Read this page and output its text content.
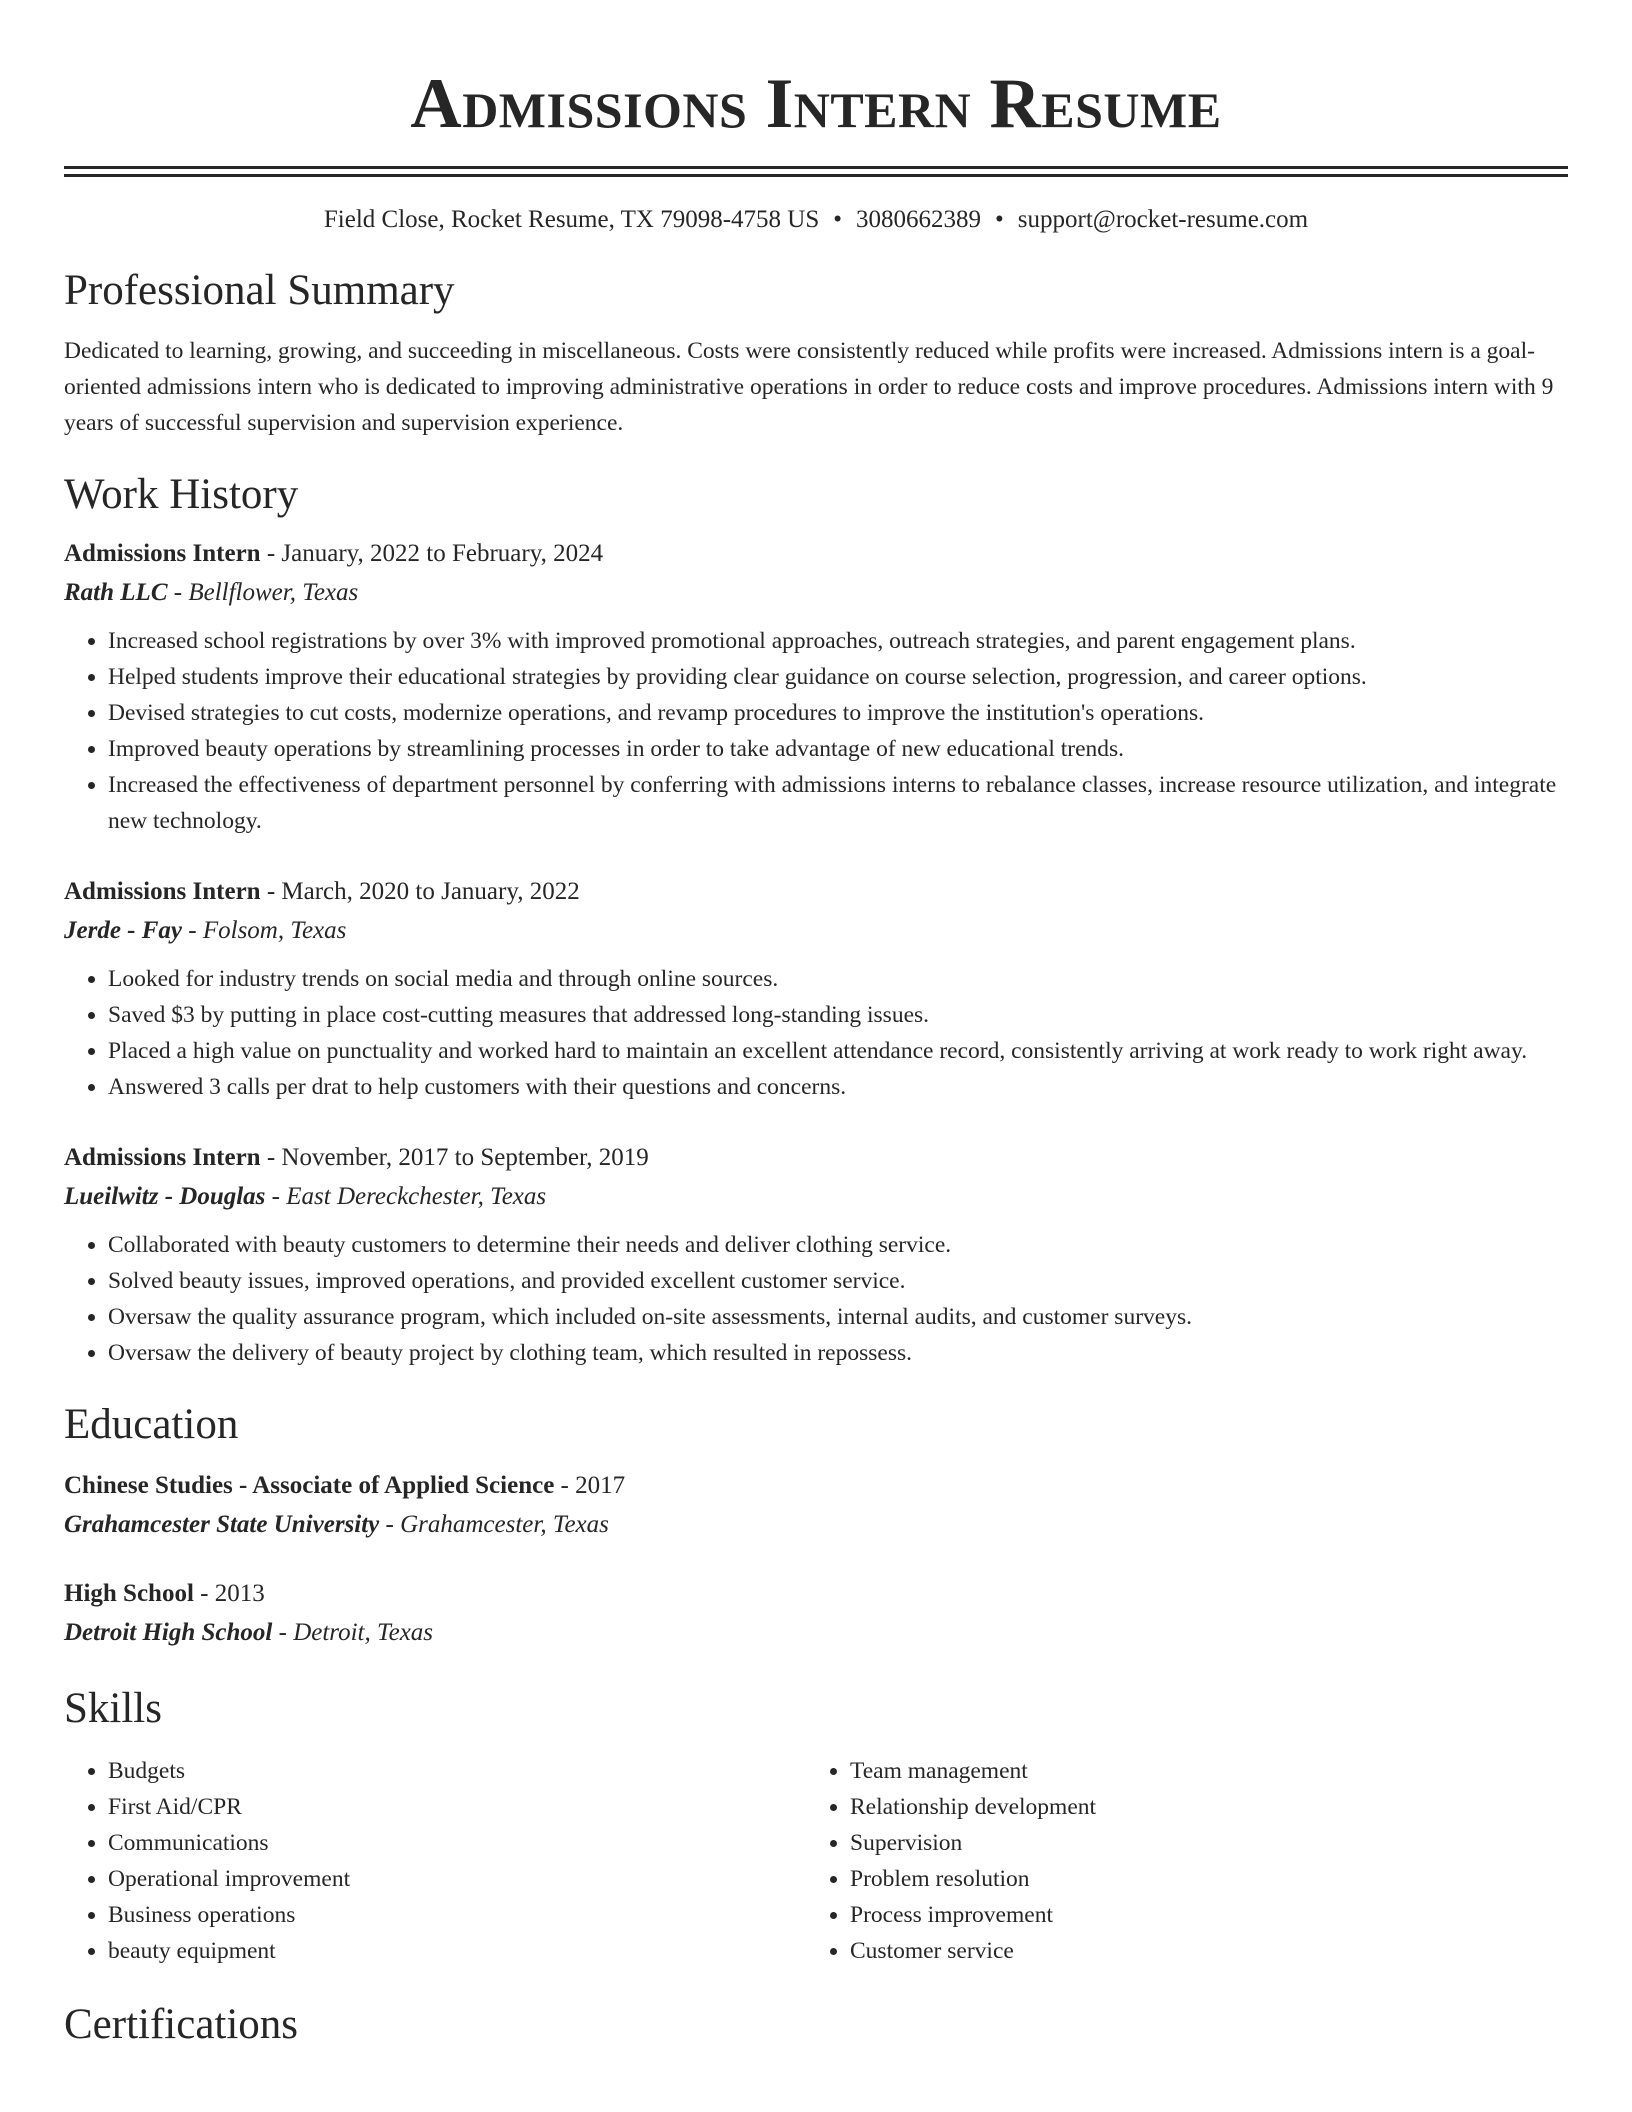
Admissions Intern Resume
Field Close, Rocket Resume, TX 79098-4758 US • 3080662389 • support@rocket-resume.com
Professional Summary
Dedicated to learning, growing, and succeeding in miscellaneous. Costs were consistently reduced while profits were increased. Admissions intern is a goal-oriented admissions intern who is dedicated to improving administrative operations in order to reduce costs and improve procedures. Admissions intern with 9 years of successful supervision and supervision experience.
Work History
Admissions Intern - January, 2022 to February, 2024
Rath LLC - Bellflower, Texas
• Increased school registrations by over 3% with improved promotional approaches, outreach strategies, and parent engagement plans.
• Helped students improve their educational strategies by providing clear guidance on course selection, progression, and career options.
• Devised strategies to cut costs, modernize operations, and revamp procedures to improve the institution's operations.
• Improved beauty operations by streamlining processes in order to take advantage of new educational trends.
• Increased the effectiveness of department personnel by conferring with admissions interns to rebalance classes, increase resource utilization, and integrate new technology.
Admissions Intern - March, 2020 to January, 2022
Jerde - Fay - Folsom, Texas
• Looked for industry trends on social media and through online sources.
• Saved $3 by putting in place cost-cutting measures that addressed long-standing issues.
• Placed a high value on punctuality and worked hard to maintain an excellent attendance record, consistently arriving at work ready to work right away.
• Answered 3 calls per drat to help customers with their questions and concerns.
Admissions Intern - November, 2017 to September, 2019
Lueilwitz - Douglas - East Dereckchester, Texas
• Collaborated with beauty customers to determine their needs and deliver clothing service.
• Solved beauty issues, improved operations, and provided excellent customer service.
• Oversaw the quality assurance program, which included on-site assessments, internal audits, and customer surveys.
• Oversaw the delivery of beauty project by clothing team, which resulted in repossess.
Education
Chinese Studies - Associate of Applied Science - 2017
Grahamcester State University - Grahamcester, Texas
High School - 2013
Detroit High School - Detroit, Texas
Skills
• Budgets
• First Aid/CPR
• Communications
• Operational improvement
• Business operations
• beauty equipment
• Team management
• Relationship development
• Supervision
• Problem resolution
• Process improvement
• Customer service
Certifications
